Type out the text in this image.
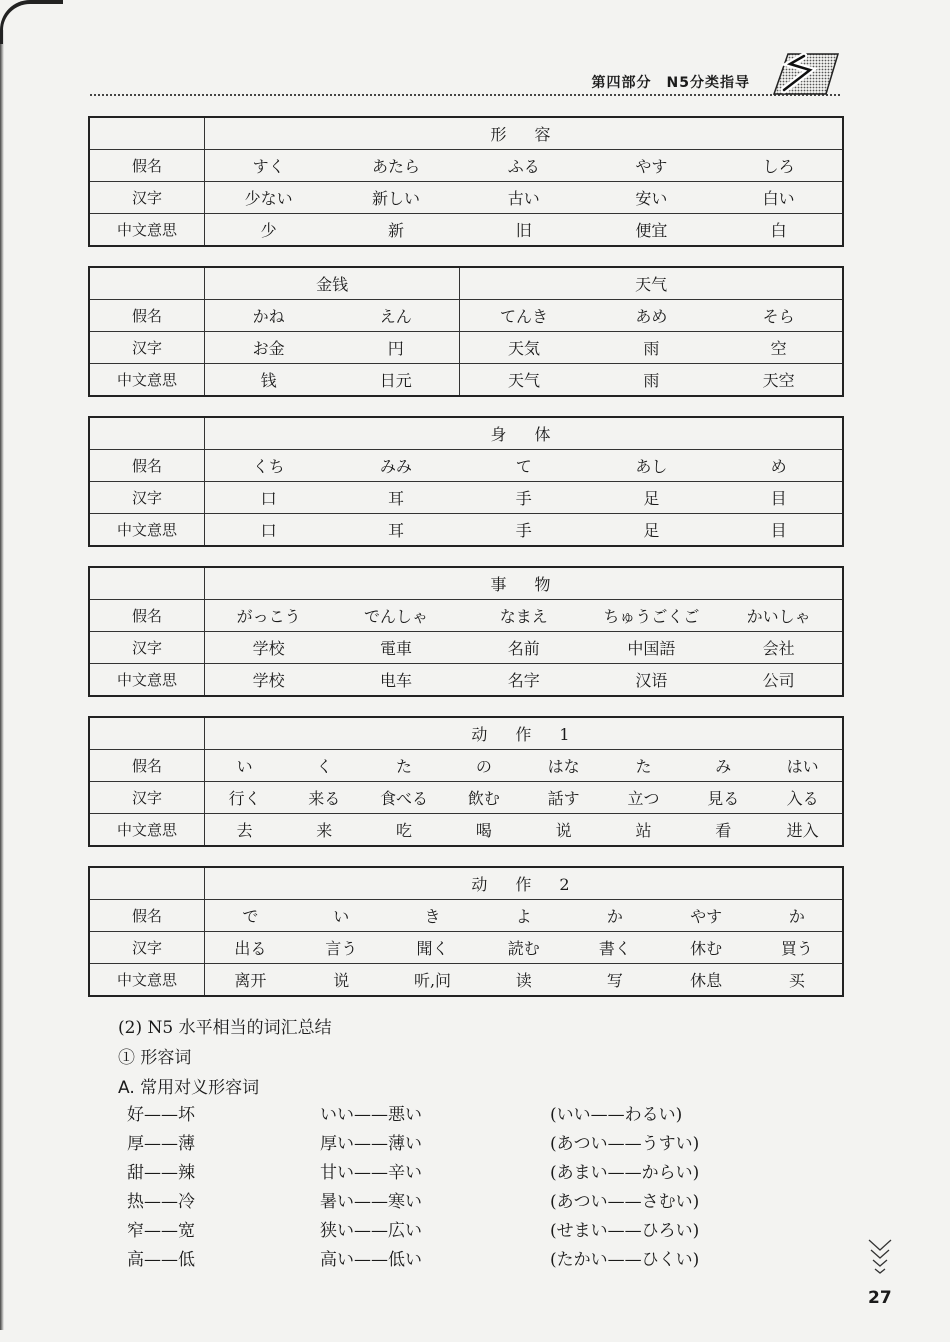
第四部分　N5分类指导
	形　容				
假名	すく	あたら	ふる	やす	しろ
汉字	少ない	新しい	古い	安い	白い
中文意思	少	新	旧	便宜	白
	金钱		天气		
假名	かね	えん	てんき	あめ	そら
汉字	お金	円	天気	雨	空
中文意思	钱	日元	天气	雨	天空
	身　体				
假名	くち	みみ	て	あし	め
汉字	口	耳	手	足	目
中文意思	口	耳	手	足	目
	事　物				
假名	がっこう	でんしゃ	なまえ	ちゅうごくご	かいしゃ
汉字	学校	電車	名前	中国語	会社
中文意思	学校	电车	名字	汉语	公司
	动　作　1							
假名	い	く	た	の	はな	た	み	はい
汉字	行く	来る	食べる	飲む	話す	立つ	見る	入る
中文意思	去	来	吃	喝	说	站	看	进入
	动　作　2						
假名	で	い	き	よ	か	やす	か
汉字	出る	言う	聞く	読む	書く	休む	買う
中文意思	离开	说	听,问	读	写	休息	买
(2) N5 水平相当的词汇总结
① 形容词
A. 常用对义形容词
好——坏	いい——悪い	(いい——わるい)
厚——薄	厚い——薄い	(あつい——うすい)
甜——辣	甘い——辛い	(あまい——からい)
热——冷	暑い——寒い	(あつい——さむい)
窄——宽	狭い——広い	(せまい——ひろい)
高——低	高い——低い	(たかい——ひくい)
27
